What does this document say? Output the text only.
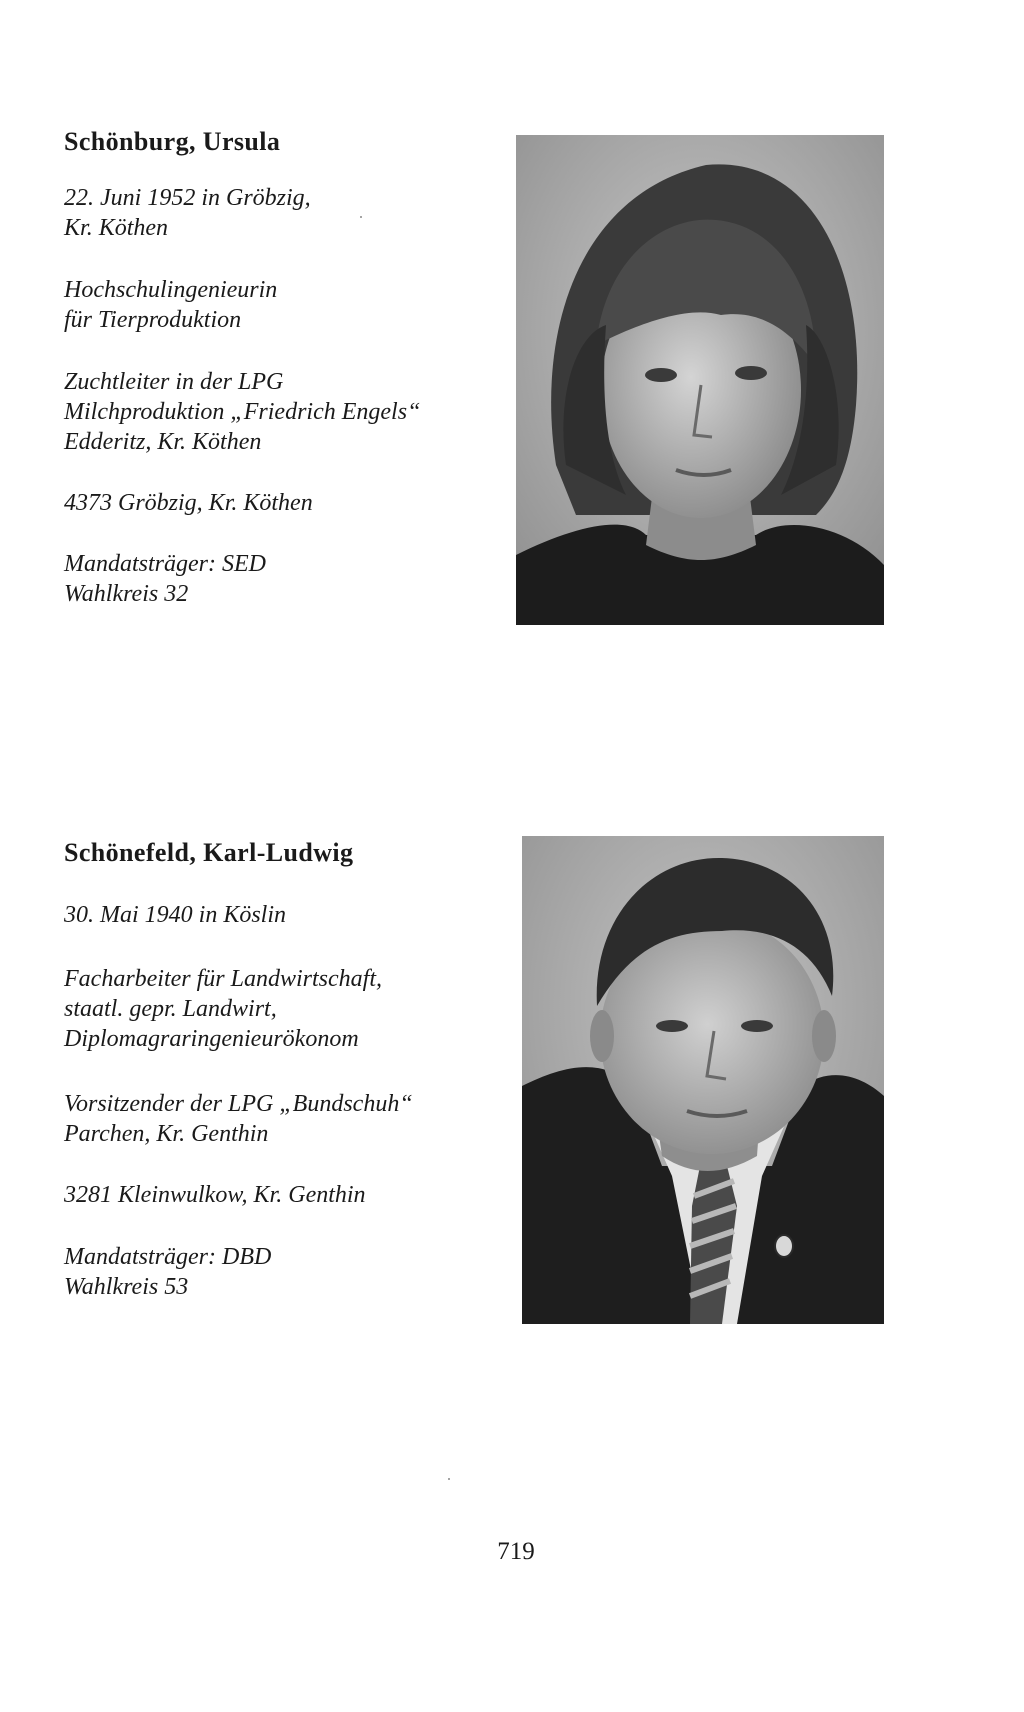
Schönburg, Ursula
22. Juni 1952 in Gröbzig,
Kr. Köthen
Hochschulingenieurin
für Tierproduktion
Zuchtleiter in der LPG
Milchproduktion „Friedrich Engels“
Edderitz, Kr. Köthen
4373 Gröbzig, Kr. Köthen
Mandatsträger: SED
Wahlkreis 32
Schönefeld, Karl-Ludwig
30. Mai 1940 in Köslin
Facharbeiter für Landwirtschaft,
staatl. gepr. Landwirt,
Diplomagraringenieurökonom
Vorsitzender der LPG „Bundschuh“
Parchen, Kr. Genthin
3281 Kleinwulkow, Kr. Genthin
Mandatsträger: DBD
Wahlkreis 53
719
